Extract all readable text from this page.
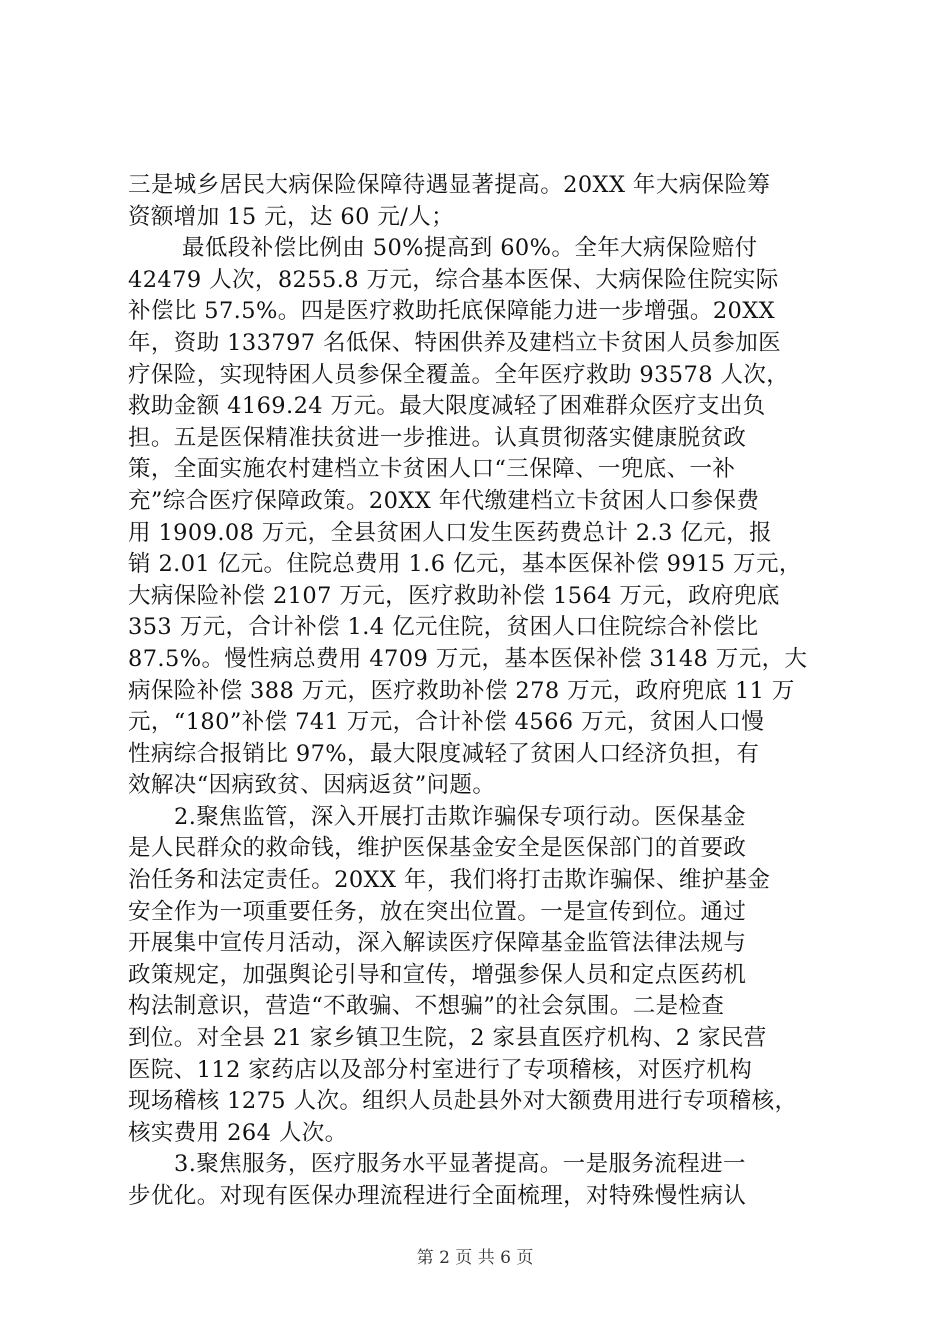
三是城乡居民大病保险保障待遇显著提高。20XX 年大病保险筹
资额增加 15 元，达 60 元/人；
最低段补偿比例由 50%提高到 60%。全年大病保险赔付
42479 人次，8255.8 万元，综合基本医保、大病保险住院实际
补偿比 57.5%。四是医疗救助托底保障能力进一步增强。20XX
年，资助 133797 名低保、特困供养及建档立卡贫困人员参加医
疗保险，实现特困人员参保全覆盖。全年医疗救助 93578 人次，
救助金额 4169.24 万元。最大限度减轻了困难群众医疗支出负
担。五是医保精准扶贫进一步推进。认真贯彻落实健康脱贫政
策，全面实施农村建档立卡贫困人口“三保障、一兜底、一补
充”综合医疗保障政策。20XX 年代缴建档立卡贫困人口参保费
用 1909.08 万元，全县贫困人口发生医药费总计 2.3 亿元，报
销 2.01 亿元。住院总费用 1.6 亿元，基本医保补偿 9915 万元，
大病保险补偿 2107 万元，医疗救助补偿 1564 万元，政府兜底
353 万元，合计补偿 1.4 亿元住院，贫困人口住院综合补偿比
87.5%。慢性病总费用 4709 万元，基本医保补偿 3148 万元，大
病保险补偿 388 万元，医疗救助补偿 278 万元，政府兜底 11 万
元，“180”补偿 741 万元，合计补偿 4566 万元，贫困人口慢
性病综合报销比 97%，最大限度减轻了贫困人口经济负担，有
效解决“因病致贫、因病返贫”问题。
2.聚焦监管，深入开展打击欺诈骗保专项行动。医保基金
是人民群众的救命钱，维护医保基金安全是医保部门的首要政
治任务和法定责任。20XX 年，我们将打击欺诈骗保、维护基金
安全作为一项重要任务，放在突出位置。一是宣传到位。通过
开展集中宣传月活动，深入解读医疗保障基金监管法律法规与
政策规定，加强舆论引导和宣传，增强参保人员和定点医药机
构法制意识，营造“不敢骗、不想骗”的社会氛围。二是检查
到位。对全县 21 家乡镇卫生院，2 家县直医疗机构、2 家民营
医院、112 家药店以及部分村室进行了专项稽核，对医疗机构
现场稽核 1275 人次。组织人员赴县外对大额费用进行专项稽核，
核实费用 264 人次。
3.聚焦服务，医疗服务水平显著提高。一是服务流程进一
步优化。对现有医保办理流程进行全面梳理，对特殊慢性病认
第 2 页 共 6 页
